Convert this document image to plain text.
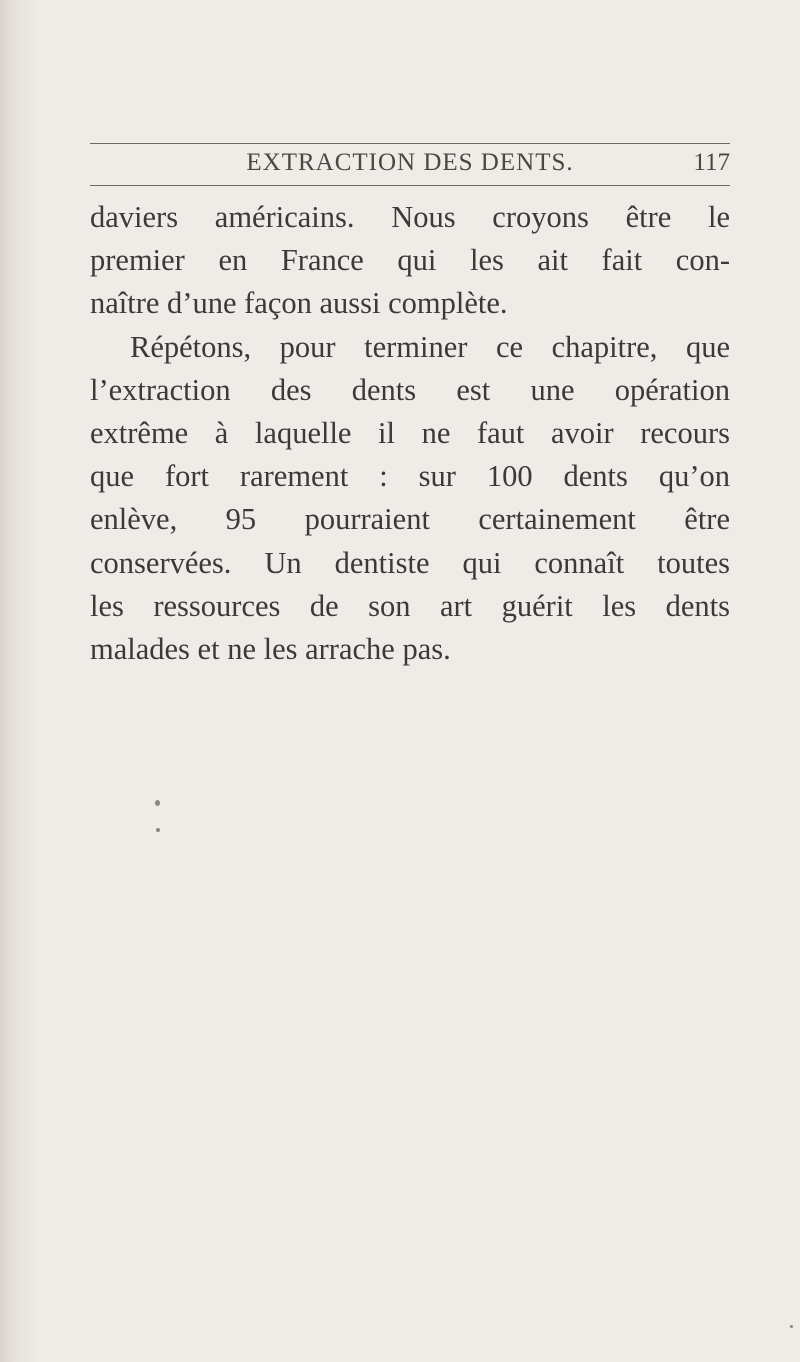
EXTRACTION DES DENTS.	117
daviers américains. Nous croyons être le
premier en France qui les ait fait con-
naître d’une façon aussi complète.
Répétons, pour terminer ce chapitre, que
l’extraction des dents est une opération
extrême à laquelle il ne faut avoir recours
que fort rarement : sur 100 dents qu’on
enlève, 95 pourraient certainement être
conservées. Un dentiste qui connaît toutes
les ressources de son art guérit les dents
malades et ne les arrache pas.
